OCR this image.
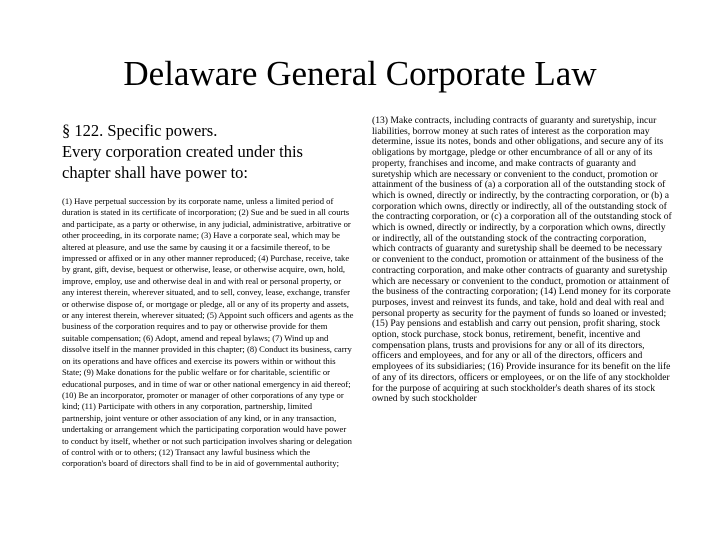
Delaware General Corporate Law
§ 122. Specific powers.
Every corporation created under this
chapter shall have power to:
(1) Have perpetual succession by its corporate name, unless a limited period of duration is stated in its certificate of incorporation; (2) Sue and be sued in all courts and participate, as a party or otherwise, in any judicial, administrative, arbitrative or other proceeding, in its corporate name; (3) Have a corporate seal, which may be altered at pleasure, and use the same by causing it or a facsimile thereof, to be impressed or affixed or in any other manner reproduced; (4) Purchase, receive, take by grant, gift, devise, bequest or otherwise, lease, or otherwise acquire, own, hold, improve, employ, use and otherwise deal in and with real or personal property, or any interest therein, wherever situated, and to sell, convey, lease, exchange, transfer or otherwise dispose of, or mortgage or pledge, all or any of its property and assets, or any interest therein, wherever situated; (5) Appoint such officers and agents as the business of the corporation requires and to pay or otherwise provide for them suitable compensation; (6) Adopt, amend and repeal bylaws; (7) Wind up and dissolve itself in the manner provided in this chapter; (8) Conduct its business, carry on its operations and have offices and exercise its powers within or without this State; (9) Make donations for the public welfare or for charitable, scientific or educational purposes, and in time of war or other national emergency in aid thereof; (10) Be an incorporator, promoter or manager of other corporations of any type or kind; (11) Participate with others in any corporation, partnership, limited partnership, joint venture or other association of any kind, or in any transaction, undertaking or arrangement which the participating corporation would have power to conduct by itself, whether or not such participation involves sharing or delegation of control with or to others; (12) Transact any lawful business which the corporation's board of directors shall find to be in aid of governmental authority;
(13) Make contracts, including contracts of guaranty and suretyship, incur liabilities, borrow money at such rates of interest as the corporation may determine, issue its notes, bonds and other obligations, and secure any of its obligations by mortgage, pledge or other encumbrance of all or any of its property, franchises and income, and make contracts of guaranty and suretyship which are necessary or convenient to the conduct, promotion or attainment of the business of (a) a corporation all of the outstanding stock of which is owned, directly or indirectly, by the contracting corporation, or (b) a corporation which owns, directly or indirectly, all of the outstanding stock of the contracting corporation, or (c) a corporation all of the outstanding stock of which is owned, directly or indirectly, by a corporation which owns, directly or indirectly, all of the outstanding stock of the contracting corporation, which contracts of guaranty and suretyship shall be deemed to be necessary or convenient to the conduct, promotion or attainment of the business of the contracting corporation, and make other contracts of guaranty and suretyship which are necessary or convenient to the conduct, promotion or attainment of the business of the contracting corporation; (14) Lend money for its corporate purposes, invest and reinvest its funds, and take, hold and deal with real and personal property as security for the payment of funds so loaned or invested; (15) Pay pensions and establish and carry out pension, profit sharing, stock option, stock purchase, stock bonus, retirement, benefit, incentive and compensation plans, trusts and provisions for any or all of its directors, officers and employees, and for any or all of the directors, officers and employees of its subsidiaries; (16) Provide insurance for its benefit on the life of any of its directors, officers or employees, or on the life of any stockholder for the purpose of acquiring at such stockholder's death shares of its stock owned by such stockholder
